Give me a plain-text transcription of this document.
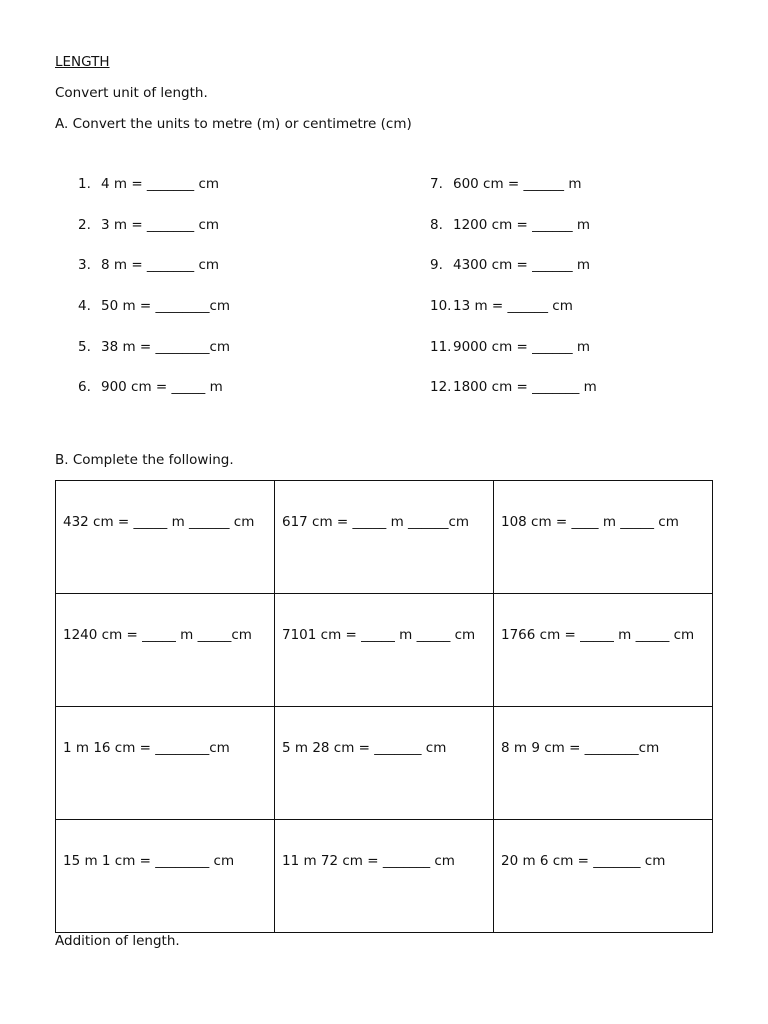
LENGTH
Convert unit of length.
A. Convert the units to metre (m) or centimetre (cm)
1. 4 m = _______ cm
2. 3 m = _______ cm
3. 8 m = _______ cm
4. 50 m = ________cm
5. 38 m = ________cm
6. 900 cm = _____ m
7. 600 cm = ______ m
8. 1200 cm = ______ m
9. 4300 cm = ______ m
10. 13 m = ______ cm
11. 9000 cm = ______ m
12. 1800 cm = _______ m
B. Complete the following.
432 cm = _____ m ______ cm	617 cm = _____ m ______cm	108 cm = ____ m _____ cm
1240 cm = _____ m _____cm	7101 cm = _____ m _____ cm	1766 cm = _____ m _____ cm
1 m 16 cm = ________cm	5 m 28 cm = _______ cm	8 m 9 cm = ________cm
15 m 1 cm = ________ cm	11 m 72 cm = _______ cm	20 m 6 cm = _______ cm
Addition of length.
